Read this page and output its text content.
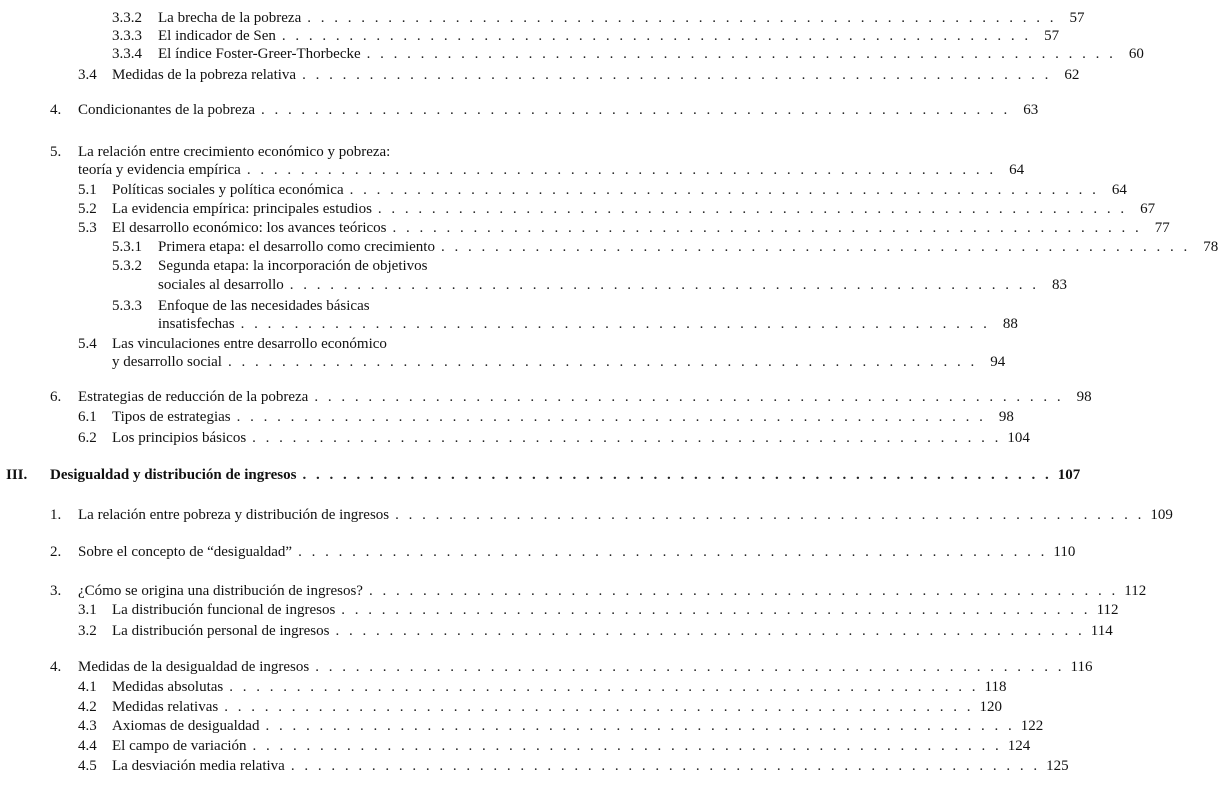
3.3.2 La brecha de la pobreza . . . . . . . . . . . . . . . . . . . . . . . . . . . . . . . . . . . . . . . . . . . . . . . . . . . . . . . . 57
3.3.3 El indicador de Sen . . . . . . . . . . . . . . . . . . . . . . . . . . . . . . . . . . . . . . . . . . . . . . . . . . . . . . . . 57
3.3.4 El índice Foster-Greer-Thorbecke . . . . . . . . . . . . . . . . . . . . . . . . . . . . . . . . . . . . . . . . . . . . . . . . . . . . . . . . 60
3.4 Medidas de la pobreza relativa . . . . . . . . . . . . . . . . . . . . . . . . . . . . . . . . . . . . . . . . . . . . . . . . . . . . . . . . 62
4. Condicionantes de la pobreza . . . . . . . . . . . . . . . . . . . . . . . . . . . . . . . . . . . . . . . . . . . . . . . . . . . . . . . . 63
5. La relación entre crecimiento económico y pobreza:
teoría y evidencia empírica . . . . . . . . . . . . . . . . . . . . . . . . . . . . . . . . . . . . . . . . . . . . . . . . . . . . . . . . 64
5.1 Políticas sociales y política económica . . . . . . . . . . . . . . . . . . . . . . . . . . . . . . . . . . . . . . . . . . . . . . . . . . . . . . . . 64
5.2 La evidencia empírica: principales estudios . . . . . . . . . . . . . . . . . . . . . . . . . . . . . . . . . . . . . . . . . . . . . . . . . . . . . . . . 67
5.3 El desarrollo económico: los avances teóricos . . . . . . . . . . . . . . . . . . . . . . . . . . . . . . . . . . . . . . . . . . . . . . . . . . . . . . . . 77
5.3.1 Primera etapa: el desarrollo como crecimiento . . . . . . . . . . . . . . . . . . . . . . . . . . . . . . . . . . . . . . . . . . . . . . . . . . . . . . . . 78
5.3.2 Segunda etapa: la incorporación de objetivos
sociales al desarrollo . . . . . . . . . . . . . . . . . . . . . . . . . . . . . . . . . . . . . . . . . . . . . . . . . . . . . . . . 83
5.3.3 Enfoque de las necesidades básicas
insatisfechas . . . . . . . . . . . . . . . . . . . . . . . . . . . . . . . . . . . . . . . . . . . . . . . . . . . . . . . . 88
5.4 Las vinculaciones entre desarrollo económico
y desarrollo social . . . . . . . . . . . . . . . . . . . . . . . . . . . . . . . . . . . . . . . . . . . . . . . . . . . . . . . . 94
6. Estrategias de reducción de la pobreza . . . . . . . . . . . . . . . . . . . . . . . . . . . . . . . . . . . . . . . . . . . . . . . . . . . . . . . . 98
6.1 Tipos de estrategias . . . . . . . . . . . . . . . . . . . . . . . . . . . . . . . . . . . . . . . . . . . . . . . . . . . . . . . . 98
6.2 Los principios básicos . . . . . . . . . . . . . . . . . . . . . . . . . . . . . . . . . . . . . . . . . . . . . . . . . . . . . . . . 104
III. Desigualdad y distribución de ingresos . . . . . . . . . . . . . . . . . . . . . . . . . . . . . . . . . . . . . . . . . . . . . . . . . . . . . . . . 107
1. La relación entre pobreza y distribución de ingresos . . . . . . . . . . . . . . . . . . . . . . . . . . . . . . . . . . . . . . . . . . . . . . . . . . . . . . . . 109
2. Sobre el concepto de “desigualdad” . . . . . . . . . . . . . . . . . . . . . . . . . . . . . . . . . . . . . . . . . . . . . . . . . . . . . . . . 110
3. ¿Cómo se origina una distribución de ingresos? . . . . . . . . . . . . . . . . . . . . . . . . . . . . . . . . . . . . . . . . . . . . . . . . . . . . . . . . 112
3.1 La distribución funcional de ingresos . . . . . . . . . . . . . . . . . . . . . . . . . . . . . . . . . . . . . . . . . . . . . . . . . . . . . . . . 112
3.2 La distribución personal de ingresos . . . . . . . . . . . . . . . . . . . . . . . . . . . . . . . . . . . . . . . . . . . . . . . . . . . . . . . . 114
4. Medidas de la desigualdad de ingresos . . . . . . . . . . . . . . . . . . . . . . . . . . . . . . . . . . . . . . . . . . . . . . . . . . . . . . . . 116
4.1 Medidas absolutas . . . . . . . . . . . . . . . . . . . . . . . . . . . . . . . . . . . . . . . . . . . . . . . . . . . . . . . . 118
4.2 Medidas relativas . . . . . . . . . . . . . . . . . . . . . . . . . . . . . . . . . . . . . . . . . . . . . . . . . . . . . . . . 120
4.3 Axiomas de desigualdad . . . . . . . . . . . . . . . . . . . . . . . . . . . . . . . . . . . . . . . . . . . . . . . . . . . . . . . . 122
4.4 El campo de variación . . . . . . . . . . . . . . . . . . . . . . . . . . . . . . . . . . . . . . . . . . . . . . . . . . . . . . . . 124
4.5 La desviación media relativa . . . . . . . . . . . . . . . . . . . . . . . . . . . . . . . . . . . . . . . . . . . . . . . . . . . . . . . . 125
